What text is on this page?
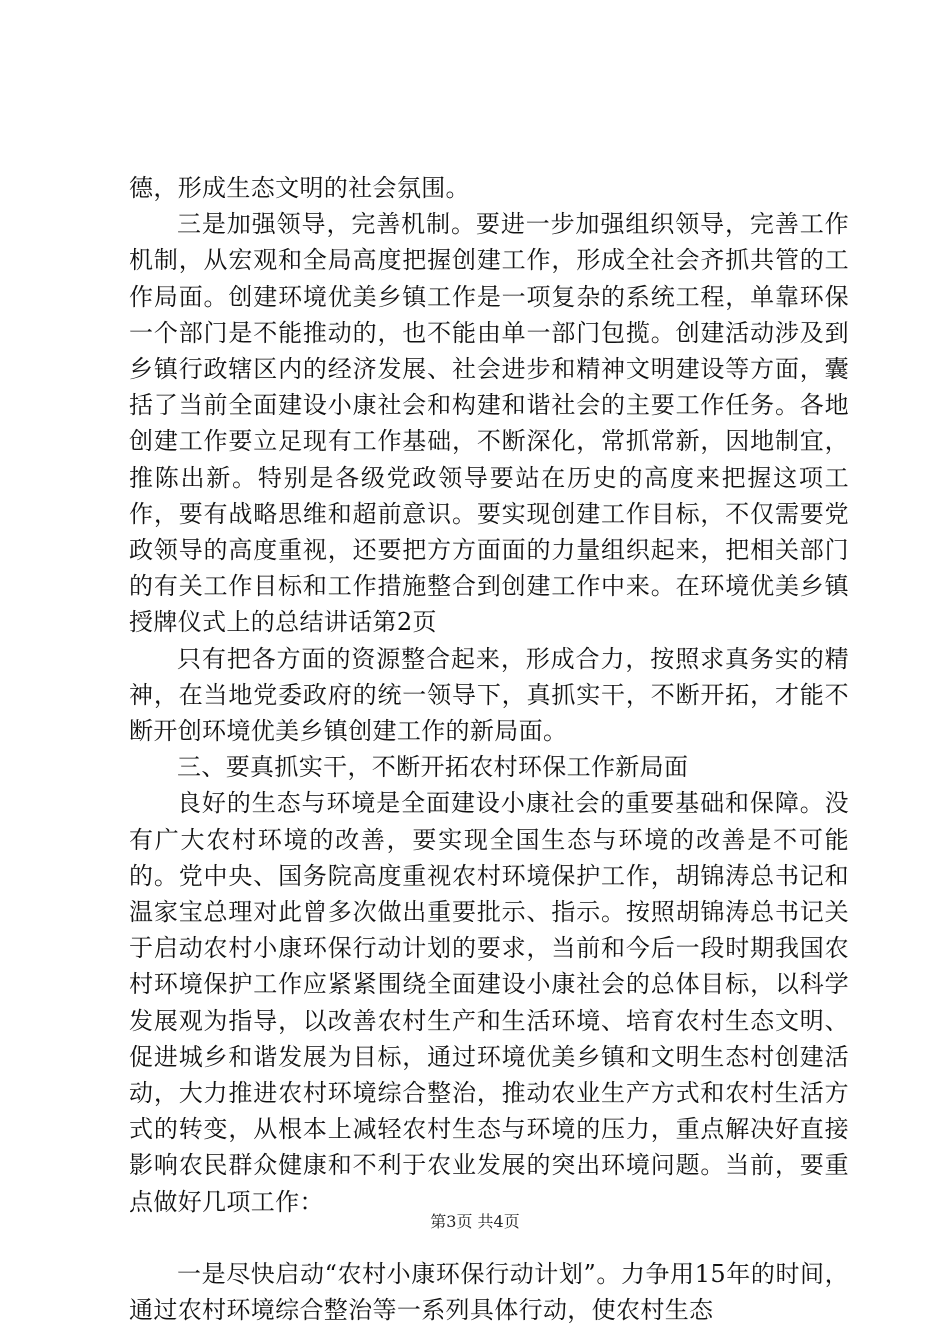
德，形成生态文明的社会氛围。

三是加强领导，完善机制。要进一步加强组织领导，完善工作机制，从宏观和全局高度把握创建工作，形成全社会齐抓共管的工作局面。创建环境优美乡镇工作是一项复杂的系统工程，单靠环保一个部门是不能推动的，也不能由单一部门包揽。创建活动涉及到乡镇行政辖区内的经济发展、社会进步和精神文明建设等方面，囊括了当前全面建设小康社会和构建和谐社会的主要工作任务。各地创建工作要立足现有工作基础，不断深化，常抓常新，因地制宜，推陈出新。特别是各级党政领导要站在历史的高度来把握这项工作，要有战略思维和超前意识。要实现创建工作目标，不仅需要党政领导的高度重视，还要把方方面面的力量组织起来，把相关部门的有关工作目标和工作措施整合到创建工作中来。在环境优美乡镇授牌仪式上的总结讲话第2页

只有把各方面的资源整合起来，形成合力，按照求真务实的精神，在当地党委政府的统一领导下，真抓实干，不断开拓，才能不断开创环境优美乡镇创建工作的新局面。

三、要真抓实干，不断开拓农村环保工作新局面

良好的生态与环境是全面建设小康社会的重要基础和保障。没有广大农村环境的改善，要实现全国生态与环境的改善是不可能的。党中央、国务院高度重视农村环境保护工作，胡锦涛总书记和温家宝总理对此曾多次做出重要批示、指示。按照胡锦涛总书记关于启动农村小康环保行动计划的要求，当前和今后一段时期我国农村环境保护工作应紧紧围绕全面建设小康社会的总体目标，以科学发展观为指导，以改善农村生产和生活环境、培育农村生态文明、促进城乡和谐发展为目标，通过环境优美乡镇和文明生态村创建活动，大力推进农村环境综合整治，推动农业生产方式和农村生活方式的转变，从根本上减轻农村生态与环境的压力，重点解决好直接影响农民群众健康和不利于农业发展的突出环境问题。当前，要重点做好几项工作：

一是尽快启动“农村小康环保行动计划”。力争用15年的时间，通过农村环境综合整治等一系列具体行动，使农村生态

第3页 共4页
